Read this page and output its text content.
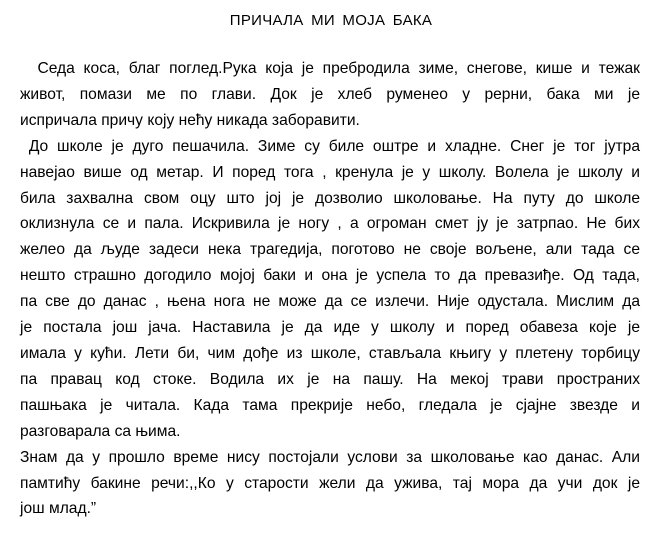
ПРИЧАЛА МИ МОЈА БАКА
Седа коса, благ поглед.Рука која је пребродила зиме, снегове, кише и тежак
живот, помази ме по глави. Док је хлеб руменео у рерни, бака ми је
испричала причу коју нећу никада заборавити.
До школе је дуго пешачила. Зиме су биле оштре и хладне. Снег је тог јутра
навејао више од метар. И поред тога , кренула је у школу. Волела је школу и
била захвална свом оцу што јој је дозволио школовање. На путу до школе
оклизнула се и пала. Искривила је ногу , а огроман смет ју је затрпао. Не бих
желео да људе задеси нека трагедија, поготово не своје вољене, али тада се
нешто страшно догодило мојој баки и она је успела то да превазиђе. Од тада,
па све до данас , њена нога не може да се излечи. Није одустала. Мислим да
је постала још јача. Наставила је да иде у школу и поред обавеза које је
имала у кући. Лети би, чим дође из школе, стављала књигу у плетену торбицу
па правац код стоке. Водила их је на пашу. На мекој трави пространих
пашњака је читала. Када тама прекрије небо, гледала је сјајне звезде и
разговарала са њима.
Знам да у прошло време нису постојали услови за школовање као данас. Али
памтићу бакине речи:,,Ко у старости жели да ужива, тај мора да учи док је
још млад.”
